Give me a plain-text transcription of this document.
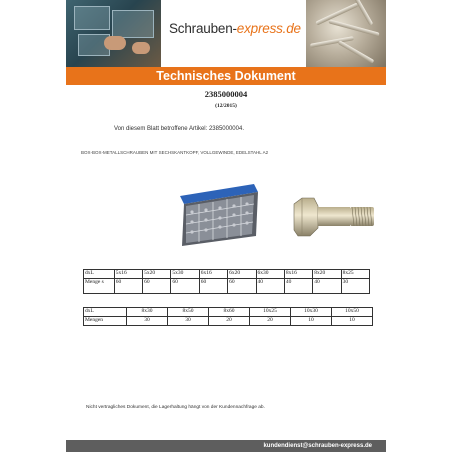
Schrauben-express.de
Technisches Dokument
2385000004
(12/2015)
Von diesem Blatt betroffene Artikel: 2385000004.
BOX-BOX-METALLSCHRAUBEN MIT SECHSKANTKOPF, VOLLGEWINDE, EDELSTAHL A2
dxL	5x16	5x20	5x30	6x16	6x20	6x30	8x16	8x20	8x25
Menge s	60	60	60	60	60	40	40	40	30
dxL	8x30	8x50	8x60	10x25	10x30	10x50
Mengen	30	30	20	20	10	10
Nicht vertragliches Dokument, die Lagerhaltung hängt von der Kundennachfrage ab.
kundendienst@schrauben-express.de
